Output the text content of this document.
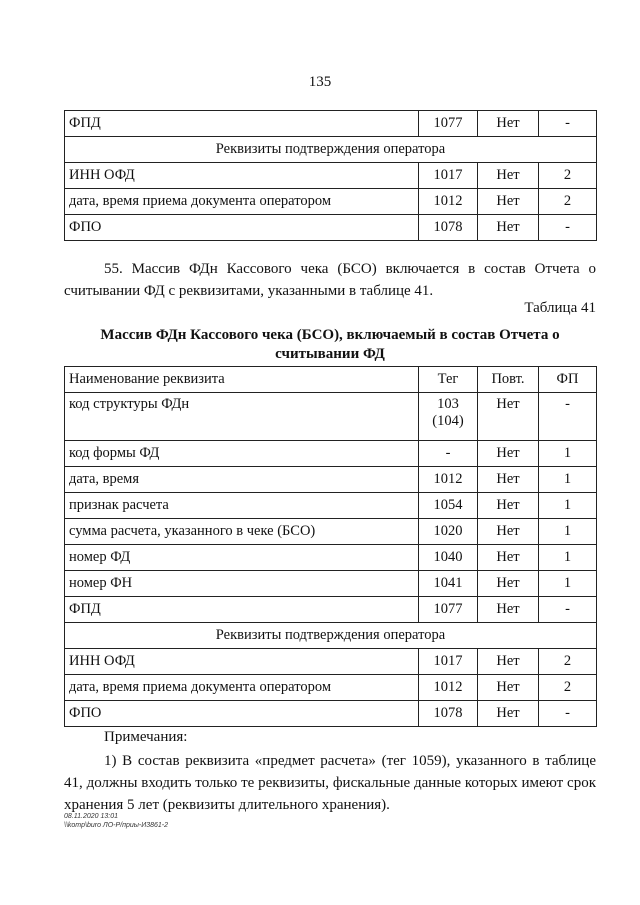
135
ФПД	1077	Нет	-
Реквизиты подтверждения оператора			
ИНН ОФД	1017	Нет	2
дата, время приема документа оператором	1012	Нет	2
ФПО	1078	Нет	-
55. Массив ФДн Кассового чека (БСО) включается в состав Отчета о считывании ФД с реквизитами, указанными в таблице 41.
Таблица 41
Массив ФДн Кассового чека (БСО), включаемый в состав Отчета о считывании ФД
Наименование реквизита	Тег	Повт.	ФП
код структуры ФДн	103 (104)	Нет	-
код формы ФД	-	Нет	1
дата, время	1012	Нет	1
признак расчета	1054	Нет	1
сумма расчета, указанного в чеке (БСО)	1020	Нет	1
номер ФД	1040	Нет	1
номер ФН	1041	Нет	1
ФПД	1077	Нет	-
Реквизиты подтверждения оператора			
ИНН ОФД	1017	Нет	2
дата, время приема документа оператором	1012	Нет	2
ФПО	1078	Нет	-
Примечания:
1) В состав реквизита «предмет расчета» (тег 1059), указанного в таблице 41, должны входить только те реквизиты, фискальные данные которых имеют срок хранения 5 лет (реквизиты длительного хранения).
08.11.2020 13:01
\\komp\buro ЛО-Р/приы-И3861-2
